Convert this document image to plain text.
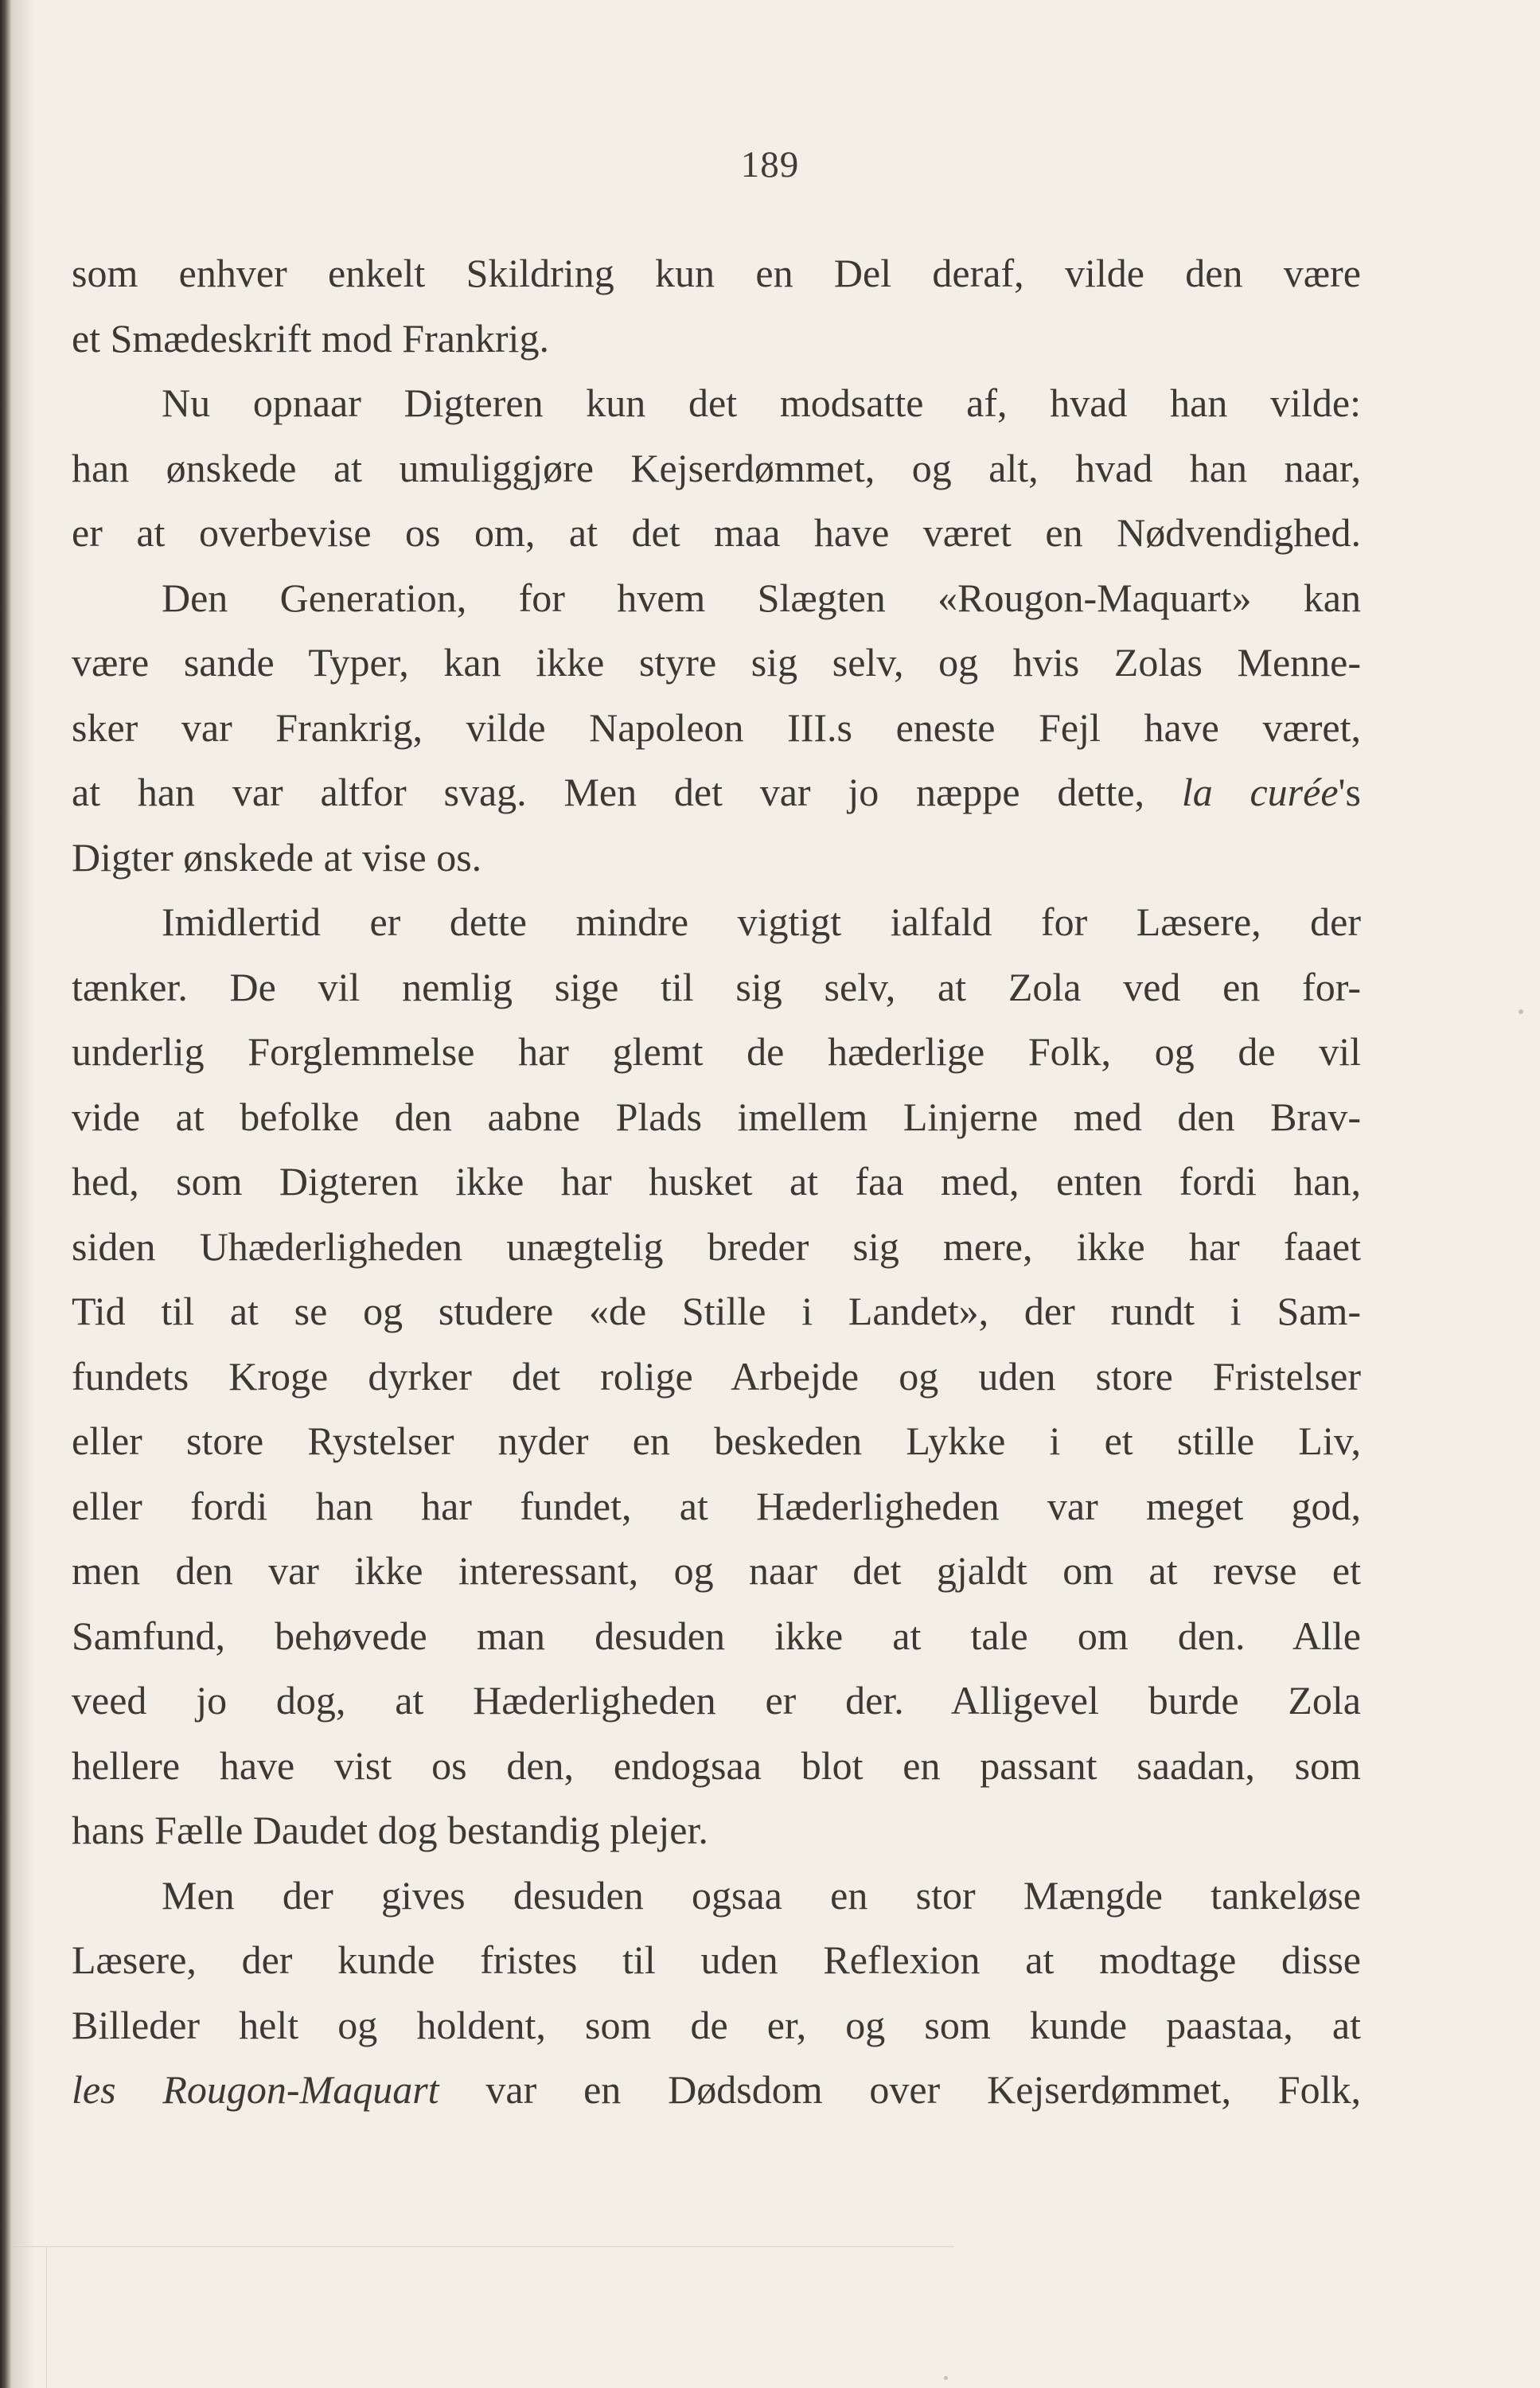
189
som enhver enkelt Skildring kun en Del deraf, vilde den være
et Smædeskrift mod Frankrig.
Nu opnaar Digteren kun det modsatte af, hvad han vilde:
han ønskede at umuliggjøre Kejserdømmet, og alt, hvad han naar,
er at overbevise os om, at det maa have været en Nødvendighed.
Den Generation, for hvem Slægten «Rougon-Maquart» kan
være sande Typer, kan ikke styre sig selv, og hvis Zolas Menne-
sker var Frankrig, vilde Napoleon III.s eneste Fejl have været,
at han var altfor svag. Men det var jo næppe dette, la curée's
Digter ønskede at vise os.
Imidlertid er dette mindre vigtigt ialfald for Læsere, der
tænker. De vil nemlig sige til sig selv, at Zola ved en for-
underlig Forglemmelse har glemt de hæderlige Folk, og de vil
vide at befolke den aabne Plads imellem Linjerne med den Brav-
hed, som Digteren ikke har husket at faa med, enten fordi han,
siden Uhæderligheden unægtelig breder sig mere, ikke har faaet
Tid til at se og studere «de Stille i Landet», der rundt i Sam-
fundets Kroge dyrker det rolige Arbejde og uden store Fristelser
eller store Rystelser nyder en beskeden Lykke i et stille Liv,
eller fordi han har fundet, at Hæderligheden var meget god,
men den var ikke interessant, og naar det gjaldt om at revse et
Samfund, behøvede man desuden ikke at tale om den. Alle
veed jo dog, at Hæderligheden er der. Alligevel burde Zola
hellere have vist os den, endogsaa blot en passant saadan, som
hans Fælle Daudet dog bestandig plejer.
Men der gives desuden ogsaa en stor Mængde tankeløse
Læsere, der kunde fristes til uden Reflexion at modtage disse
Billeder helt og holdent, som de er, og som kunde paastaa, at
les Rougon-Maquart var en Dødsdom over Kejserdømmet, Folk,
